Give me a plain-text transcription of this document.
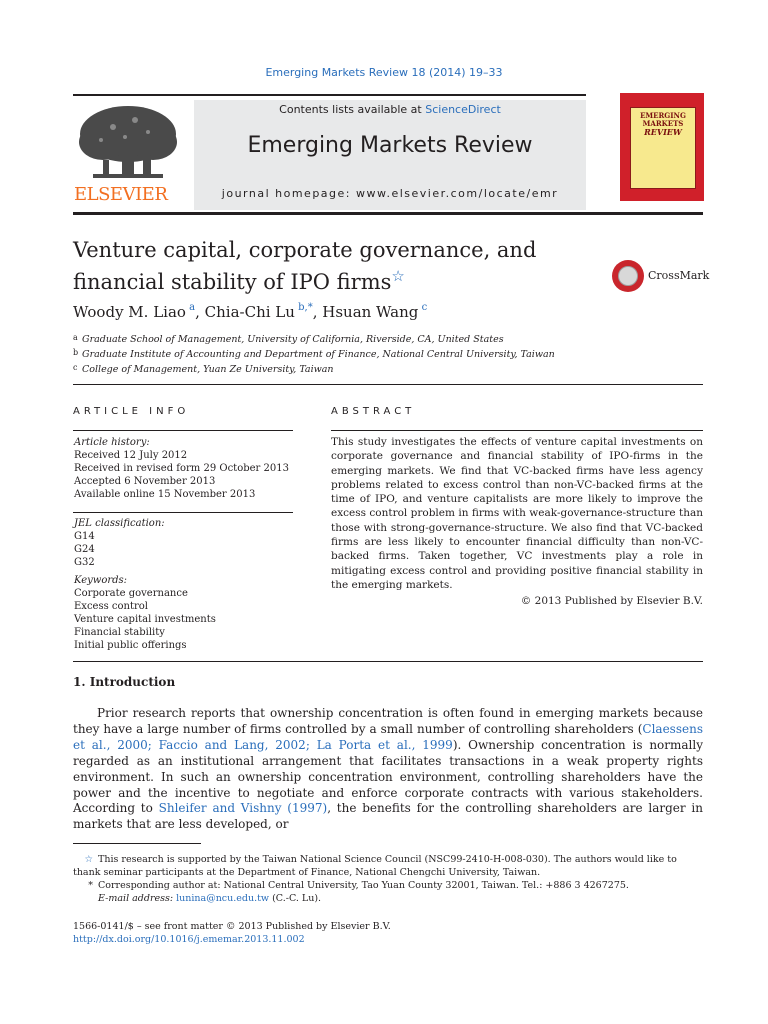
Emerging Markets Review 18 (2014) 19–33
ELSEVIER
Contents lists available at ScienceDirect
Emerging Markets Review
journal homepage: www.elsevier.com/locate/emr
EMERGING
MARKETS
REVIEW
Venture capital, corporate governance, and
financial stability of IPO firms☆	CrossMark
Woody M. Liao $^a$, Chia-Chi Lu $^{b,*}$, Hsuan Wang $^c$
a Graduate School of Management, University of California, Riverside, CA, United States
b Graduate Institute of Accounting and Department of Finance, National Central University, Taiwan
c College of Management, Yuan Ze University, Taiwan
ARTICLE INFO	ABSTRACT
Article history:
Received 12 July 2012
Received in revised form 29 October 2013
Accepted 6 November 2013
Available online 15 November 2013
JEL classification:
G14
G24
G32
Keywords:
Corporate governance
Excess control
Venture capital investments
Financial stability
Initial public offerings
This study investigates the effects of venture capital investments on corporate governance and financial stability of IPO-firms in the emerging markets. We find that VC-backed firms have less agency problems related to excess control than non-VC-backed firms at the time of IPO, and venture capitalists are more likely to improve the excess control problem in firms with weak-governance-structure than those with strong-governance-structure. We also find that VC-backed firms are less likely to encounter financial difficulty than non-VC-backed firms. Taken together, VC investments play a role in mitigating excess control and providing positive financial stability in the emerging markets.
© 2013 Published by Elsevier B.V.
1. Introduction
Prior research reports that ownership concentration is often found in emerging markets because they have a large number of firms controlled by a small number of controlling shareholders (Claessens et al., 2000; Faccio and Lang, 2002; La Porta et al., 1999). Ownership concentration is normally regarded as an institutional arrangement that facilitates transactions in a weak property rights environment. In such an ownership concentration environment, controlling shareholders have the power and the incentive to negotiate and enforce corporate contracts with various stakeholders. According to Shleifer and Vishny (1997), the benefits for the controlling shareholders are larger in markets that are less developed, or
☆ This research is supported by the Taiwan National Science Council (NSC99-2410-H-008-030). The authors would like to thank seminar participants at the Department of Finance, National Chengchi University, Taiwan.
* Corresponding author at: National Central University, Tao Yuan County 32001, Taiwan. Tel.: +886 3 4267275.
E-mail address: lunina@ncu.edu.tw (C.-C. Lu).
1566-0141/$ – see front matter © 2013 Published by Elsevier B.V.
http://dx.doi.org/10.1016/j.ememar.2013.11.002
